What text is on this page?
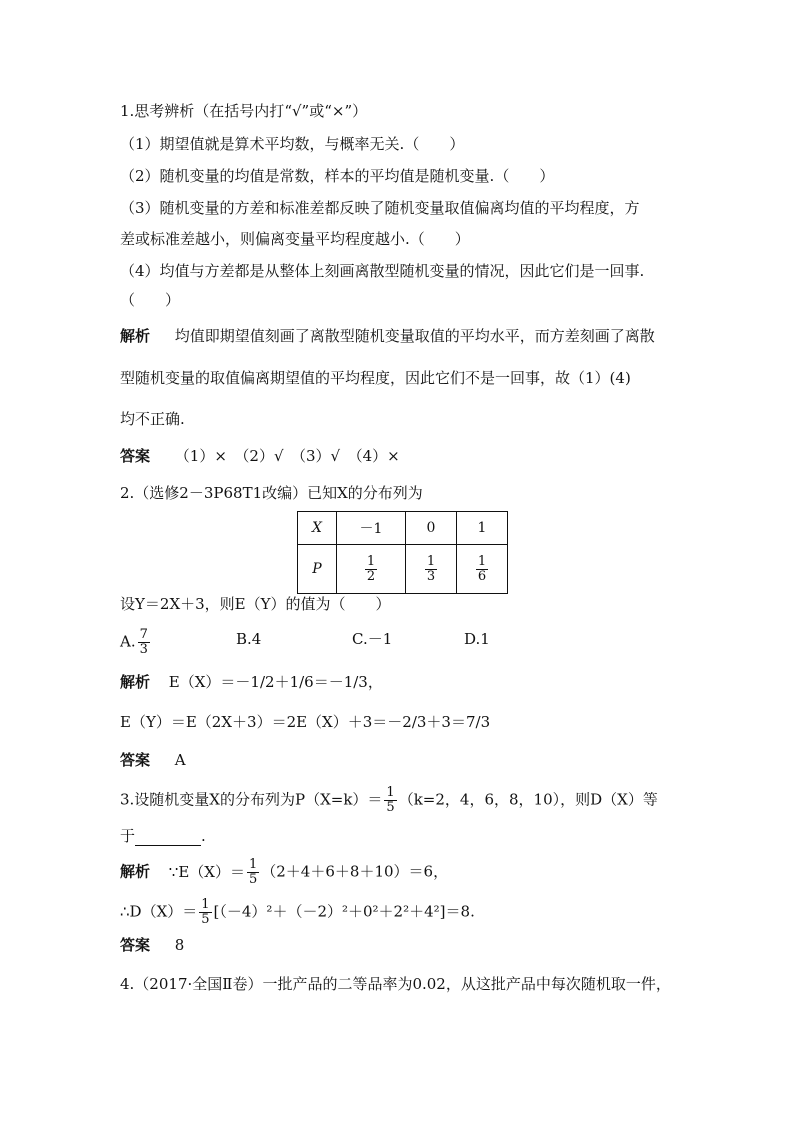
1.思考辨析（在括号内打“√”或“×”）
（1）期望值就是算术平均数，与概率无关.（　　）
（2）随机变量的均值是常数，样本的平均值是随机变量.（　　）
（3）随机变量的方差和标准差都反映了随机变量取值偏离均值的平均程度，方
差或标准差越小，则偏离变量平均程度越小.（　　）
（4）均值与方差都是从整体上刻画离散型随机变量的情况，因此它们是一回事.
（　　）
解析 均值即期望值刻画了离散型随机变量取值的平均水平，而方差刻画了离散
型随机变量的取值偏离期望值的平均程度，因此它们不是一回事，故（1）(4)
均不正确.
答案 （1）×　（2）√　（3）√　（4）×
2.（选修2－3P68T1改编）已知X的分布列为
X	－1	0	1
P	$\frac{1}{2}$	$\frac{1}{3}$	$\frac{1}{6}$
设Y＝2X＋3，则E（Y）的值为（　　）
A. $\frac{7}{3}$	B.4	C.－1	D.1
解析 E（X）＝－1/2＋1/6＝－1/3，
E（Y）＝E（2X＋3）＝2E（X）＋3＝－2/3＋3＝7/3
答案 A
3.设随机变量X的分布列为$P(X=k)= \frac{1}{5} (k=2$，4，6，8，10），则D（X）等
于	.
解析 ∵E（X）＝ $\frac{1}{5} (2+4+6+8+10)=6$，
∴D（X）＝ $\frac{1}{5} [(-4)^2+(-2)^2+0^2+2^2+4^2]=8$.
答案 8
4.（2017·全国Ⅱ卷）一批产品的二等品率为0.02，从这批产品中每次随机取一件，
